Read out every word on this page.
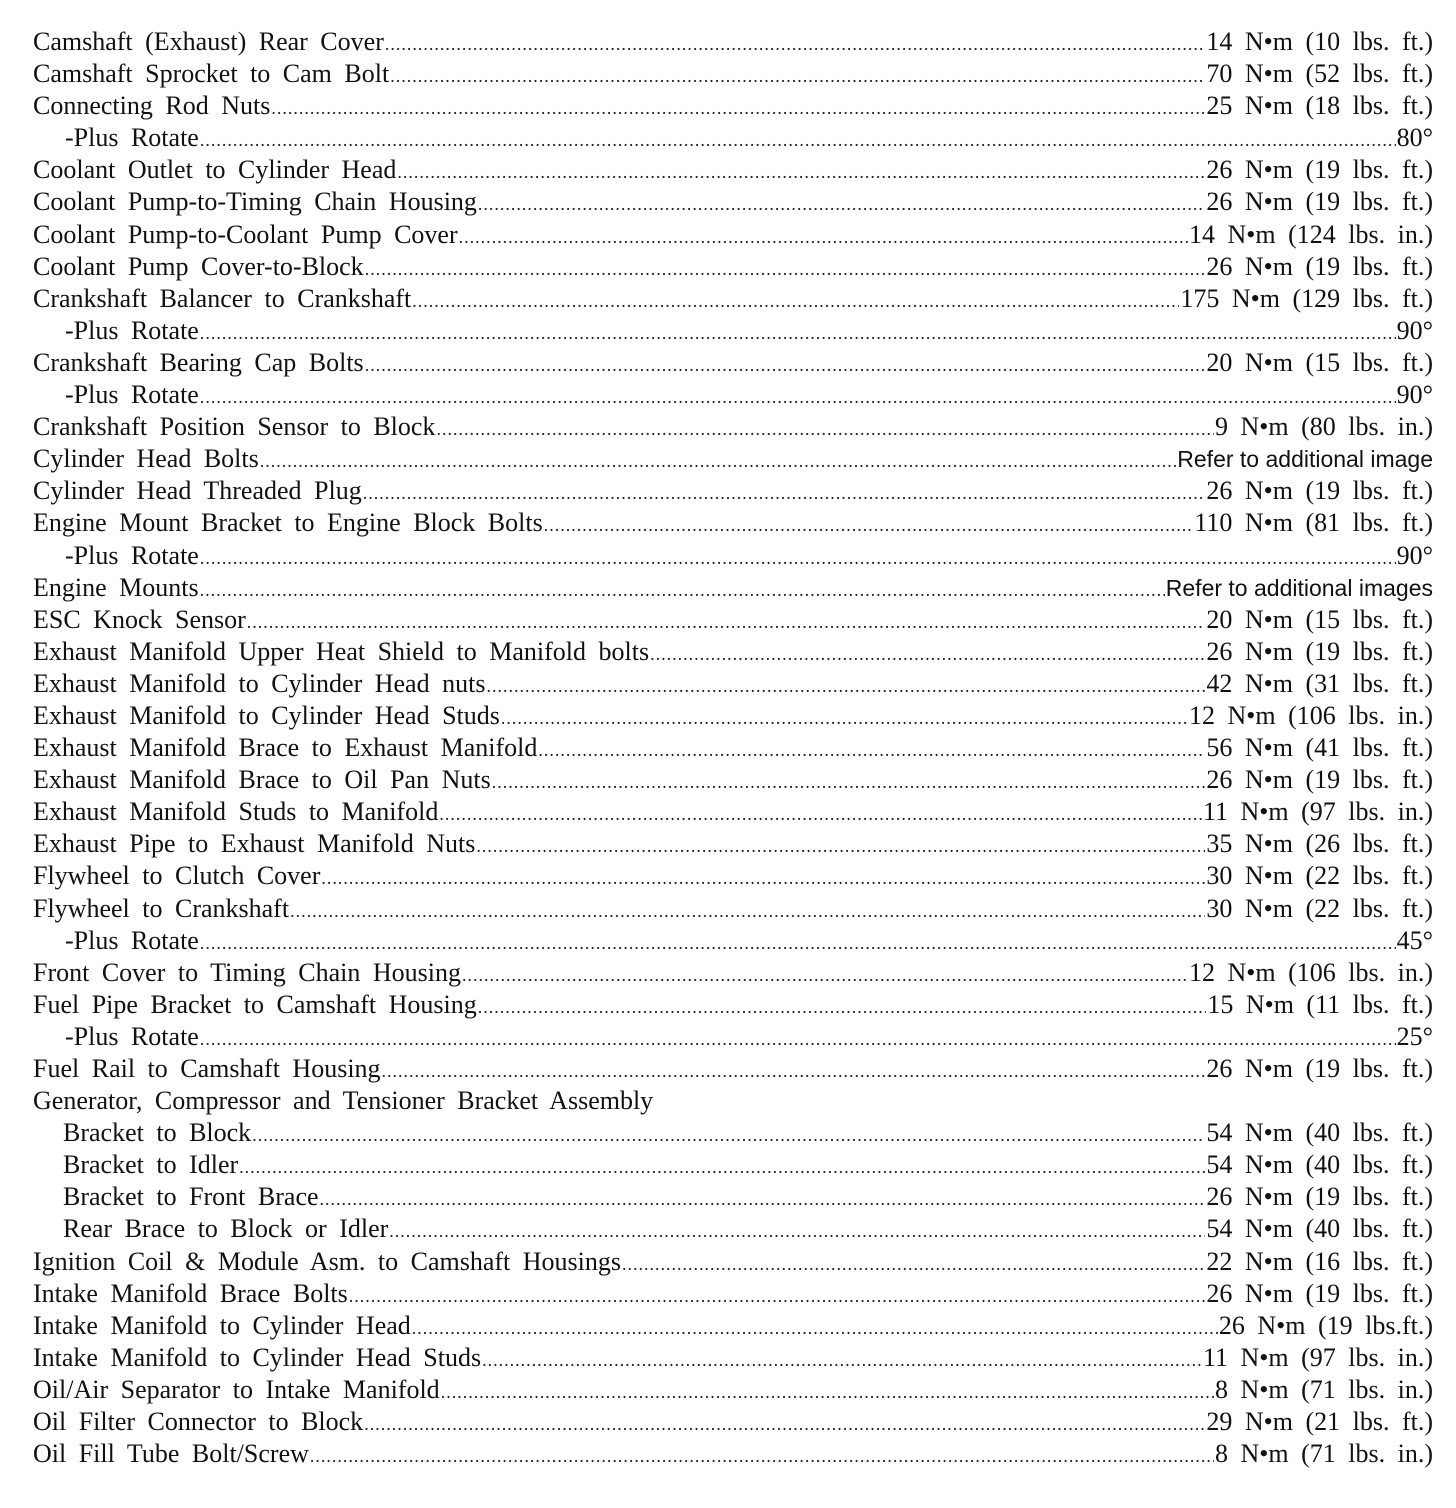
Camshaft (Exhaust) Rear Cover .....	14 N•m (10 lbs. ft.)
Camshaft Sprocket to Cam Bolt .....	70 N•m (52 lbs. ft.)
Connecting Rod Nuts .....	25 N•m (18 lbs. ft.)
-Plus Rotate .....	80°
Coolant Outlet to Cylinder Head .....	26 N•m (19 lbs. ft.)
Coolant Pump-to-Timing Chain Housing .....	26 N•m (19 lbs. ft.)
Coolant Pump-to-Coolant Pump Cover .....	14 N•m (124 lbs. in.)
Coolant Pump Cover-to-Block .....	26 N•m (19 lbs. ft.)
Crankshaft Balancer to Crankshaft .....	175 N•m (129 lbs. ft.)
-Plus Rotate .....	90°
Crankshaft Bearing Cap Bolts .....	20 N•m (15 lbs. ft.)
-Plus Rotate .....	90°
Crankshaft Position Sensor to Block .....	9 N•m (80 lbs. in.)
Cylinder Head Bolts .....	Refer to additional image
Cylinder Head Threaded Plug .....	26 N•m (19 lbs. ft.)
Engine Mount Bracket to Engine Block Bolts .....	110 N•m (81 lbs. ft.)
-Plus Rotate .....	90°
Engine Mounts .....	Refer to additional images
ESC Knock Sensor .....	20 N•m (15 lbs. ft.)
Exhaust Manifold Upper Heat Shield to Manifold bolts .....	26 N•m (19 lbs. ft.)
Exhaust Manifold to Cylinder Head nuts .....	42 N•m (31 lbs. ft.)
Exhaust Manifold to Cylinder Head Studs .....	12 N•m (106 lbs. in.)
Exhaust Manifold Brace to Exhaust Manifold .....	56 N•m (41 lbs. ft.)
Exhaust Manifold Brace to Oil Pan Nuts .....	26 N•m (19 lbs. ft.)
Exhaust Manifold Studs to Manifold .....	11 N•m (97 lbs. in.)
Exhaust Pipe to Exhaust Manifold Nuts .....	35 N•m (26 lbs. ft.)
Flywheel to Clutch Cover .....	30 N•m (22 lbs. ft.)
Flywheel to Crankshaft .....	30 N•m (22 lbs. ft.)
-Plus Rotate .....	45°
Front Cover to Timing Chain Housing .....	12 N•m (106 lbs. in.)
Fuel Pipe Bracket to Camshaft Housing .....	15 N•m (11 lbs. ft.)
-Plus Rotate .....	25°
Fuel Rail to Camshaft Housing .....	26 N•m (19 lbs. ft.)
Generator, Compressor and Tensioner Bracket Assembly
Bracket to Block .....	54 N•m (40 lbs. ft.)
Bracket to Idler .....	54 N•m (40 lbs. ft.)
Bracket to Front Brace .....	26 N•m (19 lbs. ft.)
Rear Brace to Block or Idler .....	54 N•m (40 lbs. ft.)
Ignition Coil & Module Asm. to Camshaft Housings .....	22 N•m (16 lbs. ft.)
Intake Manifold Brace Bolts .....	26 N•m (19 lbs. ft.)
Intake Manifold to Cylinder Head .....	26 N•m (19 lbs.ft.)
Intake Manifold to Cylinder Head Studs .....	11 N•m (97 lbs. in.)
Oil/Air Separator to Intake Manifold .....	8 N•m (71 lbs. in.)
Oil Filter Connector to Block .....	29 N•m (21 lbs. ft.)
Oil Fill Tube Bolt/Screw .....	8 N•m (71 lbs. in.)
